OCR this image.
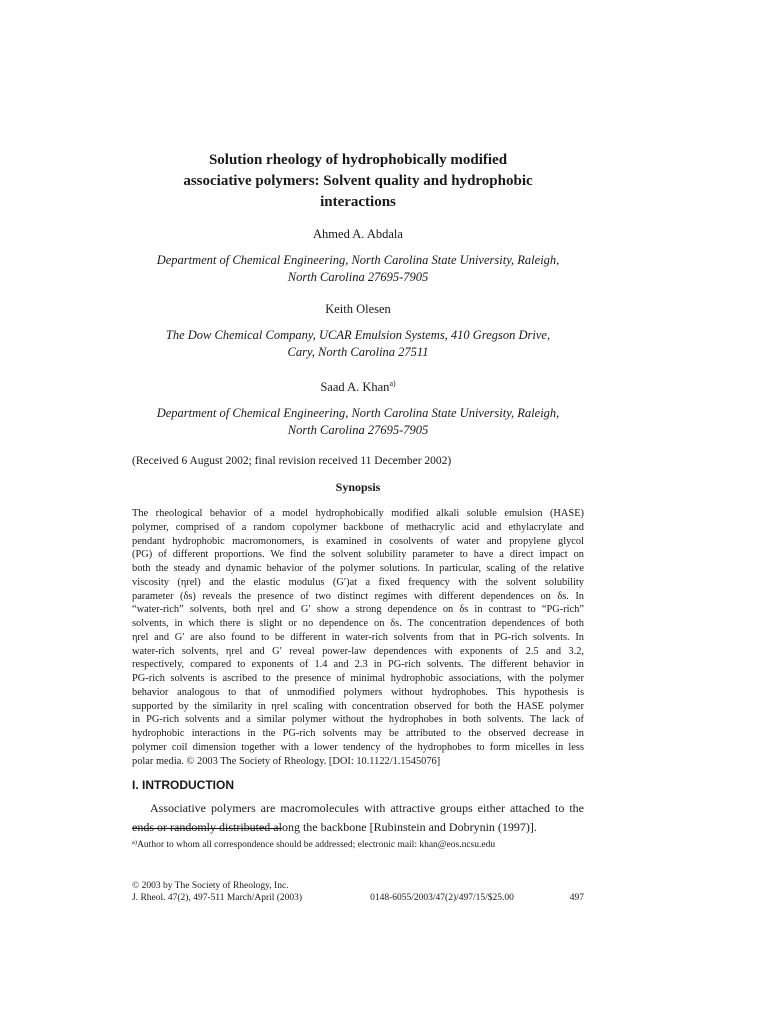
Solution rheology of hydrophobically modified
associative polymers: Solvent quality and hydrophobic
interactions
Ahmed A. Abdala
Department of Chemical Engineering, North Carolina State University, Raleigh,
North Carolina 27695-7905
Keith Olesen
The Dow Chemical Company, UCAR Emulsion Systems, 410 Gregson Drive,
Cary, North Carolina 27511
Saad A. Khan$^{a)}$
Department of Chemical Engineering, North Carolina State University, Raleigh,
North Carolina 27695-7905
(Received 6 August 2002; final revision received 11 December 2002)
Synopsis
The rheological behavior of a model hydrophobically modified alkali soluble emulsion (HASE)
polymer, comprised of a random copolymer backbone of methacrylic acid and ethylacrylate and
pendant hydrophobic macromonomers, is examined in cosolvents of water and propylene glycol
(PG) of different proportions. We find the solvent solubility parameter to have a direct impact on
both the steady and dynamic behavior of the polymer solutions. In particular, scaling of the relative
viscosity (ηrel) and the elastic modulus (G′)at a fixed frequency with the solvent solubility
parameter (δs) reveals the presence of two distinct regimes with different dependences on δs. In
“water-rich” solvents, both ηrel and G′ show a strong dependence on δs in contrast to “PG-rich”
solvents, in which there is slight or no dependence on δs. The concentration dependences of both
ηrel and G′ are also found to be different in water-rich solvents from that in PG-rich solvents. In
water-rich solvents, ηrel and G′ reveal power-law dependences with exponents of 2.5 and 3.2,
respectively, compared to exponents of 1.4 and 2.3 in PG-rich solvents. The different behavior in
PG-rich solvents is ascribed to the presence of minimal hydrophobic associations, with the polymer
behavior analogous to that of unmodified polymers without hydrophobes. This hypothesis is
supported by the similarity in ηrel scaling with concentration observed for both the HASE polymer
in PG-rich solvents and a similar polymer without the hydrophobes in both solvents. The lack of
hydrophobic interactions in the PG-rich solvents may be attributed to the observed decrease in
polymer coil dimension together with a lower tendency of the hydrophobes to form micelles in less
polar media. © 2003 The Society of Rheology. [DOI: 10.1122/1.1545076]
I. INTRODUCTION

Associative polymers are macromolecules with attractive groups either attached to the ends or randomly distributed along the backbone [Rubinstein and Dobrynin (1997)].

$^{a)}$Author to whom all correspondence should be addressed; electronic mail: khan@eos.ncsu.edu
© 2003 by The Society of Rheology, Inc.
J. Rheol. 47(2), 497-511 March/April (2003)	0148-6055/2003/47(2)/497/15/$25.00	497
